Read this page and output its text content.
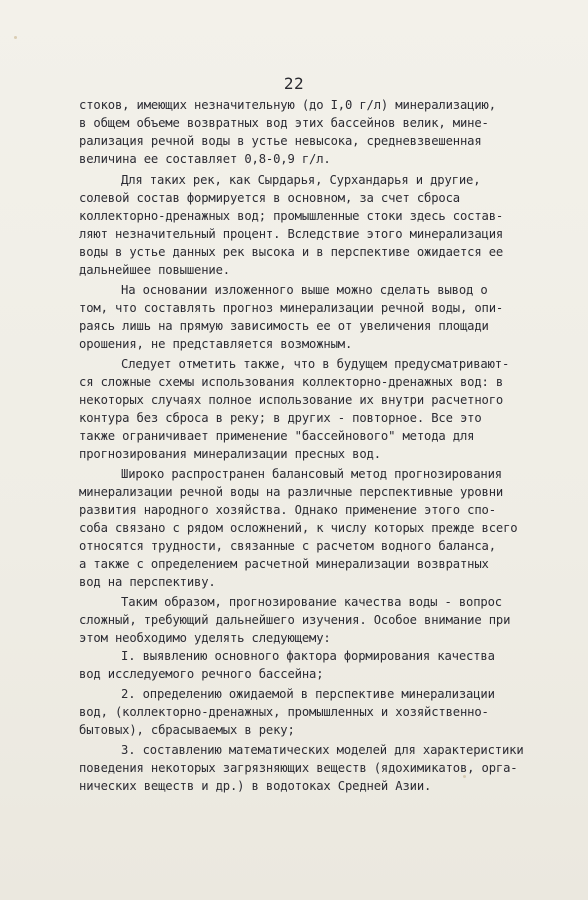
22
стоков, имеющих незначительную (до I,0 г/л) минерализацию,
в общем объеме возвратных вод этих бассейнов велик, мине-
рализация речной воды в устье невысока, средневзвешенная
величина ее составляет 0,8-0,9 г/л.
Для таких рек, как Сырдарья, Сурхандарья и другие,
солевой состав формируется в основном, за счет сброса
коллекторно-дренажных вод; промышленные стоки здесь состав-
ляют незначительный процент. Вследствие этого минерализация
воды в устье данных рек высока и в перспективе ожидается ее
дальнейшее повышение.
На основании изложенного выше можно сделать вывод о
том, что составлять прогноз минерализации речной воды, опи-
раясь лишь на прямую зависимость ее от увеличения площади
орошения, не представляется возможным.
Следует отметить также, что в будущем предусматривают-
ся сложные схемы использования коллекторно-дренажных вод: в
некоторых случаях полное использование их внутри расчетного
контура без сброса в реку; в других - повторное. Все это
также ограничивает применение "бассейнового" метода для
прогнозирования минерализации пресных вод.
Широко распространен балансовый метод прогнозирования
минерализации речной воды на различные перспективные уровни
развития народного хозяйства. Однако применение этого спо-
соба связано с рядом осложнений, к числу которых прежде всего
относятся трудности, связанные с расчетом водного баланса,
а также с определением расчетной минерализации возвратных
вод на перспективу.
Таким образом, прогнозирование качества воды - вопрос
сложный, требующий дальнейшего изучения. Особое внимание при
этом необходимо уделять следующему:
I. выявлению основного фактора формирования качества
вод исследуемого речного бассейна;
2. определению ожидаемой в перспективе минерализации
вод, (коллекторно-дренажных, промышленных и хозяйственно-
бытовых), сбрасываемых в реку;
3. составлению математических моделей для характеристики
поведения некоторых загрязняющих веществ (ядохимикатов, орга-
нических веществ и др.) в водотоках Средней Азии.
